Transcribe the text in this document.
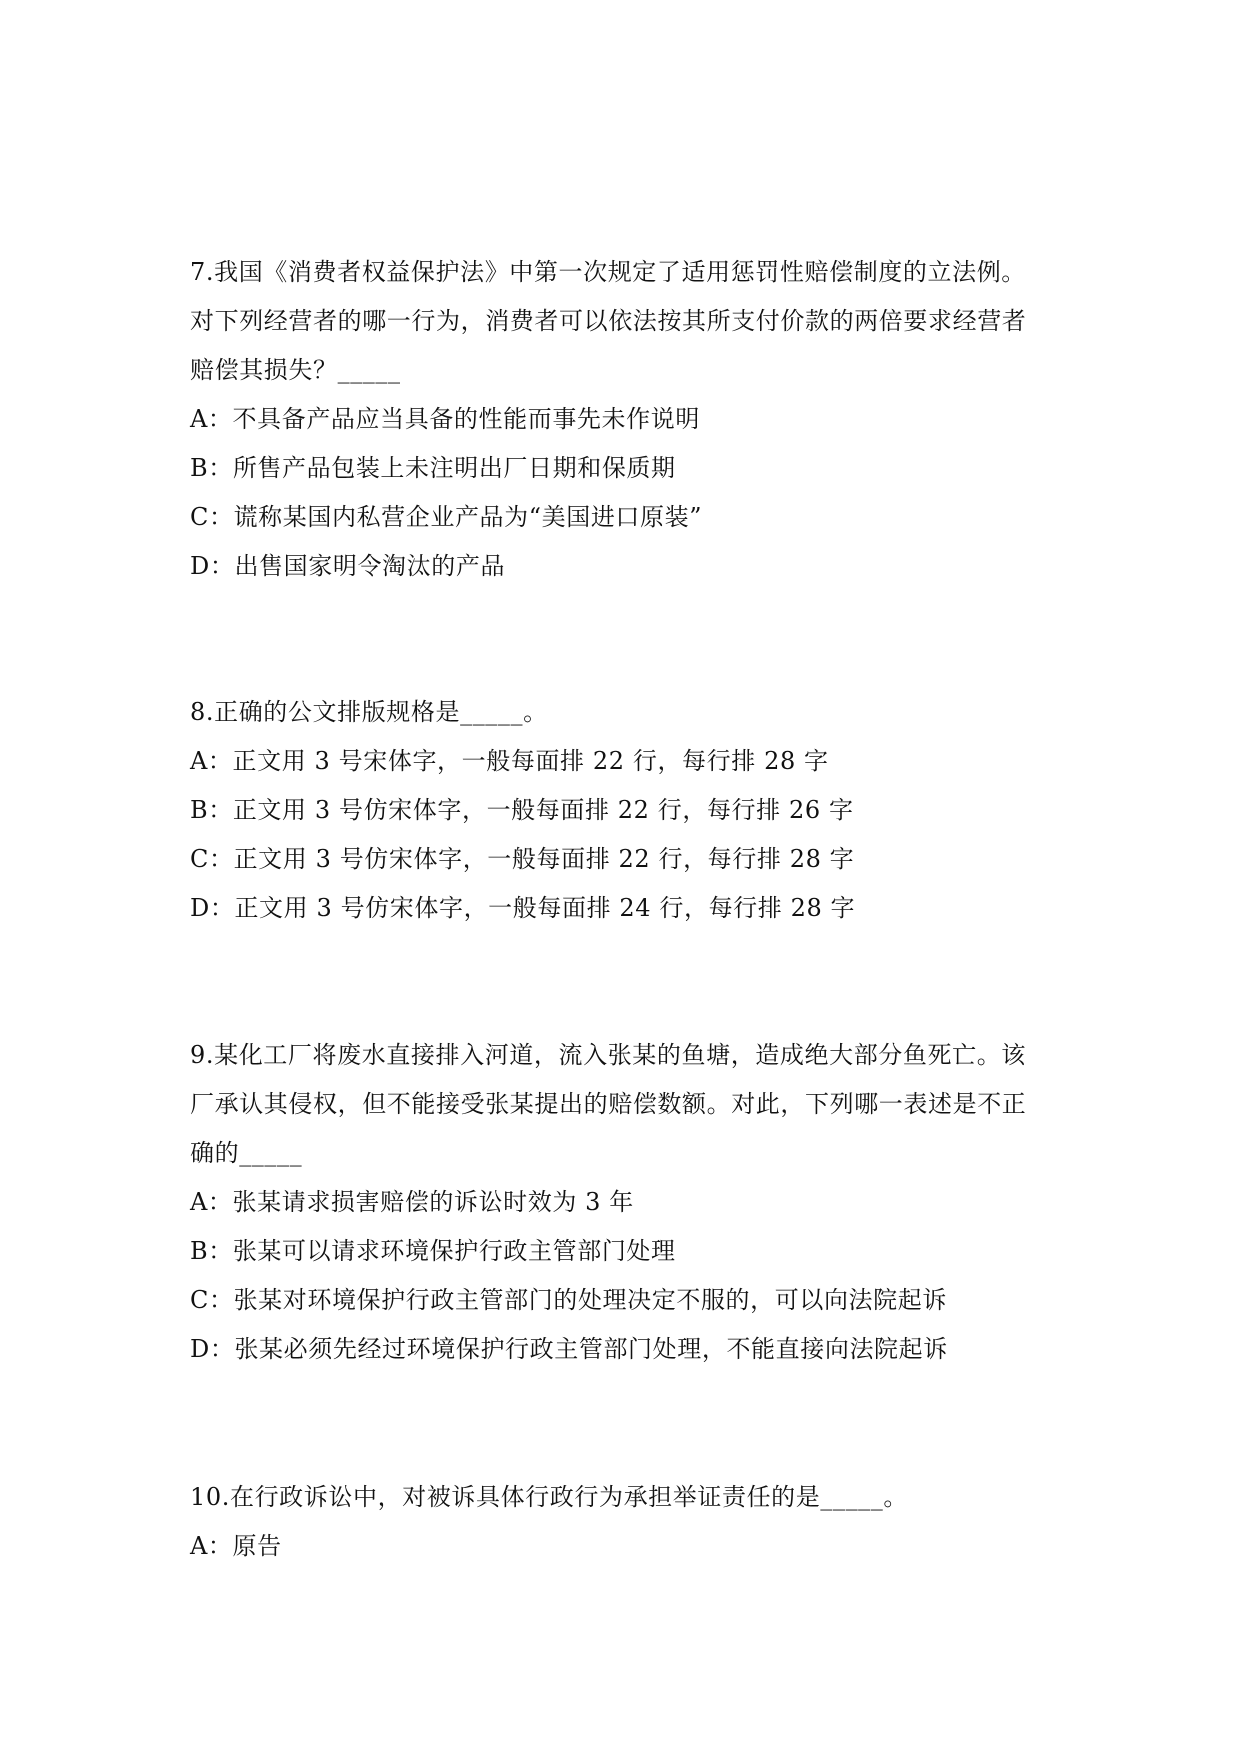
7.我国《消费者权益保护法》中第一次规定了适用惩罚性赔偿制度的立法例。对下列经营者的哪一行为，消费者可以依法按其所支付价款的两倍要求经营者赔偿其损失？_____

A：不具备产品应当具备的性能而事先未作说明

B：所售产品包装上未注明出厂日期和保质期

C：谎称某国内私营企业产品为“美国进口原装”

D：出售国家明令淘汰的产品

8.正确的公文排版规格是_____。

A：正文用 3 号宋体字，一般每面排 22 行，每行排 28 字

B：正文用 3 号仿宋体字，一般每面排 22 行，每行排 26 字

C：正文用 3 号仿宋体字，一般每面排 22 行，每行排 28 字

D：正文用 3 号仿宋体字，一般每面排 24 行，每行排 28 字

9.某化工厂将废水直接排入河道，流入张某的鱼塘，造成绝大部分鱼死亡。该厂承认其侵权，但不能接受张某提出的赔偿数额。对此，下列哪一表述是不正确的_____

A：张某请求损害赔偿的诉讼时效为 3 年

B：张某可以请求环境保护行政主管部门处理

C：张某对环境保护行政主管部门的处理决定不服的，可以向法院起诉

D：张某必须先经过环境保护行政主管部门处理，不能直接向法院起诉

10.在行政诉讼中，对被诉具体行政行为承担举证责任的是_____。

A：原告
